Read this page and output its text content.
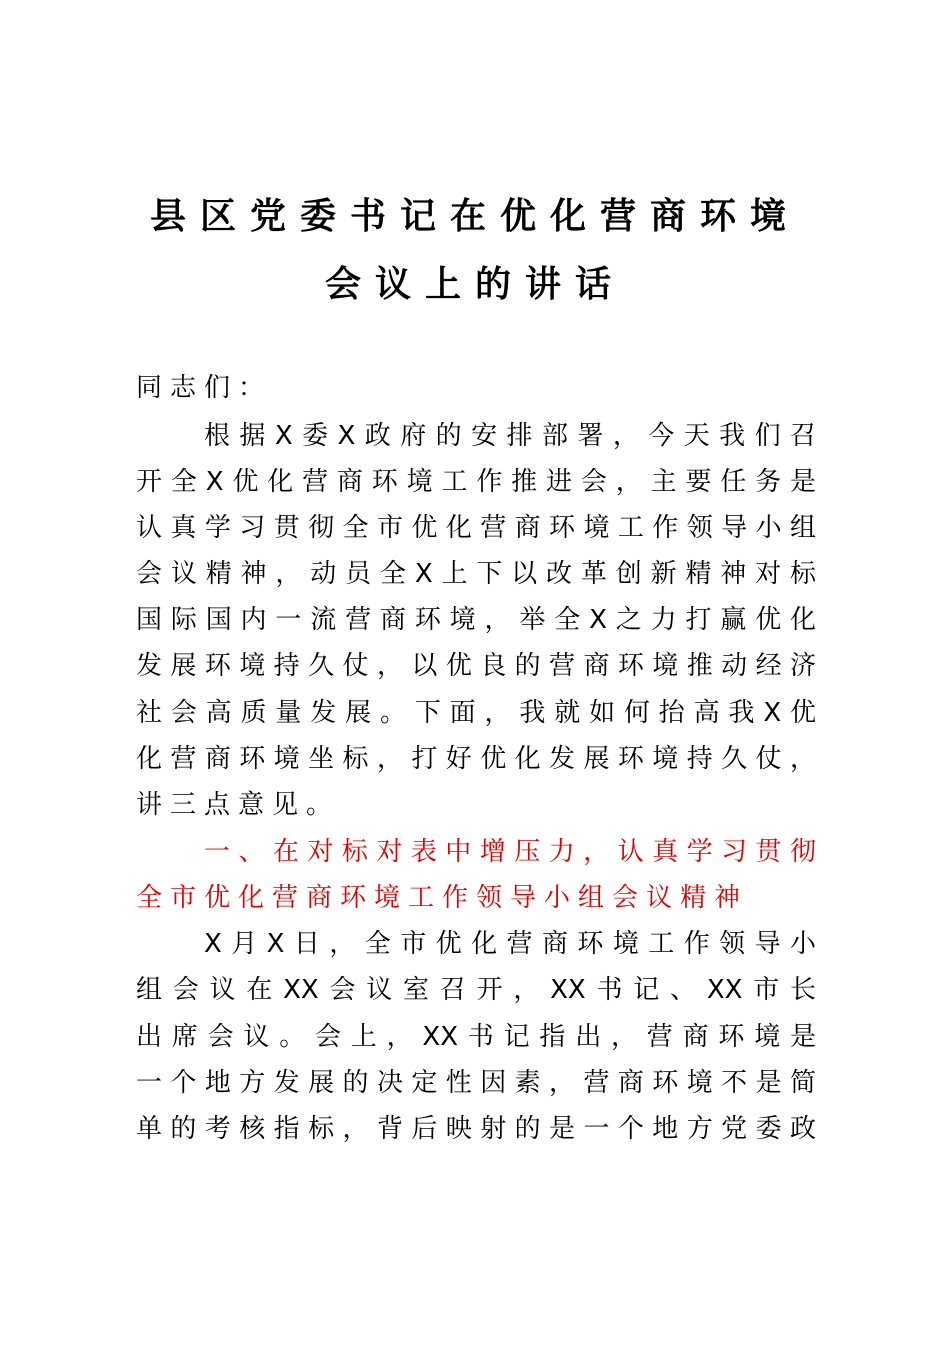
县区党委书记在优化营商环境
会议上的讲话
同志们：
根据X委X政府的安排部署，今天我们召
开全X优化营商环境工作推进会，主要任务是
认真学习贯彻全市优化营商环境工作领导小组
会议精神，动员全X上下以改革创新精神对标
国际国内一流营商环境，举全X之力打赢优化
发展环境持久仗，以优良的营商环境推动经济
社会高质量发展。下面，我就如何抬高我X优
化营商环境坐标，打好优化发展环境持久仗，
讲三点意见。
一、在对标对表中增压力，认真学习贯彻
全市优化营商环境工作领导小组会议精神
X月X日，全市优化营商环境工作领导小
组会议在XX会议室召开，XX书记、XX市长
出席会议。会上，XX书记指出，营商环境是
一个地方发展的决定性因素，营商环境不是简
单的考核指标，背后映射的是一个地方党委政
